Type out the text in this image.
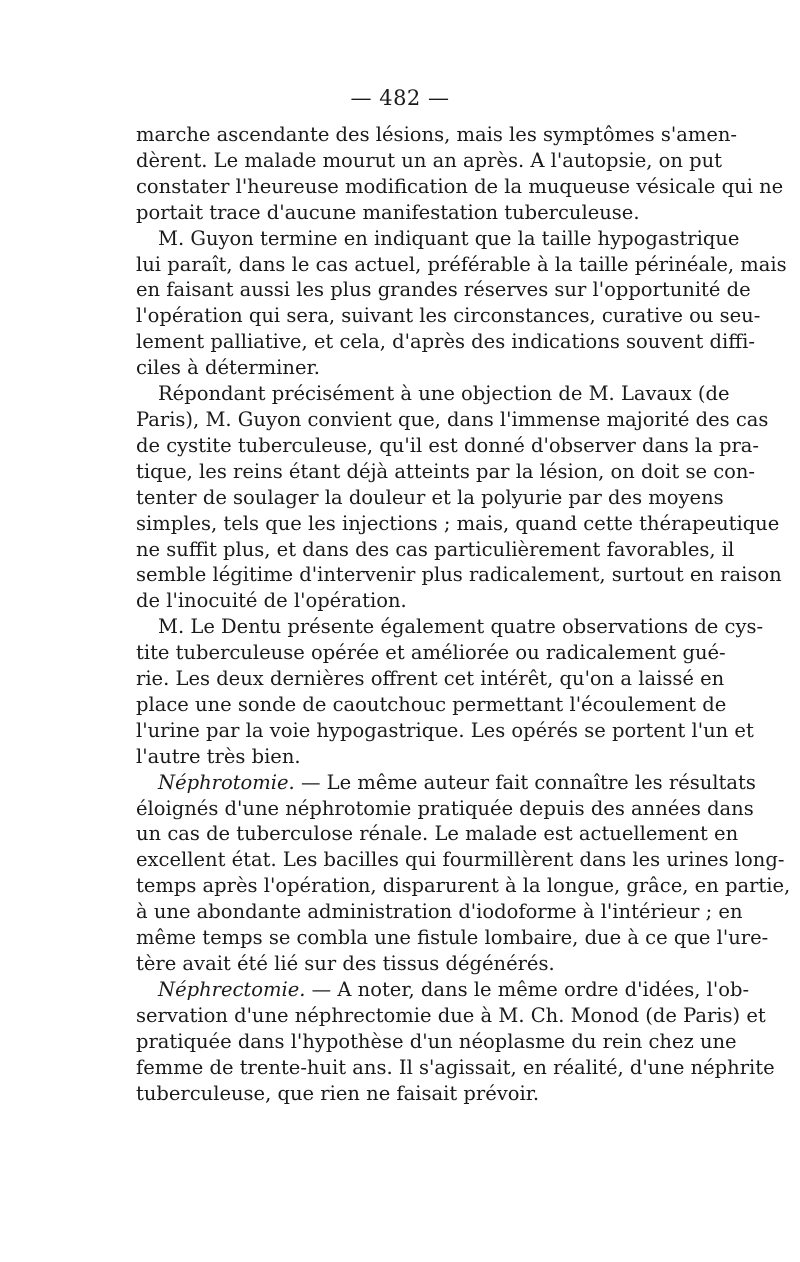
— 482 —
marche ascendante des lésions, mais les symptômes s'amen-
dèrent. Le malade mourut un an après. A l'autopsie, on put
constater l'heureuse modification de la muqueuse vésicale qui ne
portait trace d'aucune manifestation tuberculeuse.
M. Guyon termine en indiquant que la taille hypogastrique
lui paraît, dans le cas actuel, préférable à la taille périnéale, mais
en faisant aussi les plus grandes réserves sur l'opportunité de
l'opération qui sera, suivant les circonstances, curative ou seu-
lement palliative, et cela, d'après des indications souvent diffi-
ciles à déterminer.
Répondant précisément à une objection de M. Lavaux (de
Paris), M. Guyon convient que, dans l'immense majorité des cas
de cystite tuberculeuse, qu'il est donné d'observer dans la pra-
tique, les reins étant déjà atteints par la lésion, on doit se con-
tenter de soulager la douleur et la polyurie par des moyens
simples, tels que les injections ; mais, quand cette thérapeutique
ne suffit plus, et dans des cas particulièrement favorables, il
semble légitime d'intervenir plus radicalement, surtout en raison
de l'inocuité de l'opération.
M. Le Dentu présente également quatre observations de cys-
tite tuberculeuse opérée et améliorée ou radicalement gué-
rie. Les deux dernières offrent cet intérêt, qu'on a laissé en
place une sonde de caoutchouc permettant l'écoulement de
l'urine par la voie hypogastrique. Les opérés se portent l'un et
l'autre très bien.
Néphrotomie. — Le même auteur fait connaître les résultats
éloignés d'une néphrotomie pratiquée depuis des années dans
un cas de tuberculose rénale. Le malade est actuellement en
excellent état. Les bacilles qui fourmillèrent dans les urines long-
temps après l'opération, disparurent à la longue, grâce, en partie,
à une abondante administration d'iodoforme à l'intérieur ; en
même temps se combla une fistule lombaire, due à ce que l'ure-
tère avait été lié sur des tissus dégénérés.
Néphrectomie. — A noter, dans le même ordre d'idées, l'ob-
servation d'une néphrectomie due à M. Ch. Monod (de Paris) et
pratiquée dans l'hypothèse d'un néoplasme du rein chez une
femme de trente-huit ans. Il s'agissait, en réalité, d'une néphrite
tuberculeuse, que rien ne faisait prévoir.
